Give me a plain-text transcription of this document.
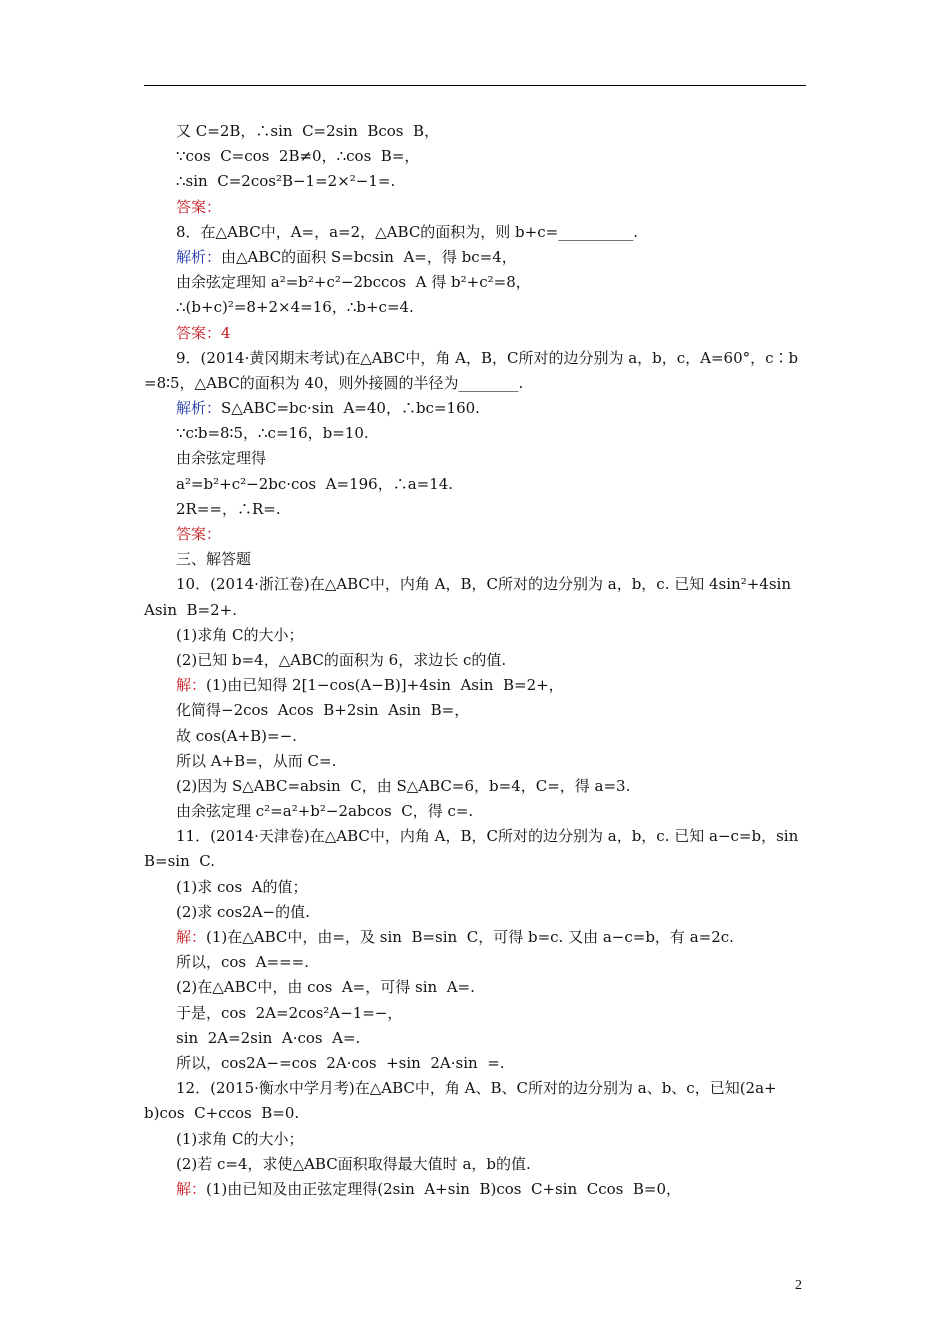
又 C=2B，∴sin  C=2sin  Bcos  B，
∵cos  C=cos  2B≠0，∴cos  B=，
∴sin  C=2cos²B−1=2×²−1=.
答案：
8．在△ABC中，A=，a=2，△ABC的面积为，则 b+c=__________.
解析：由△ABC的面积 S=bcsin  A=，得 bc=4，
由余弦定理知 a²=b²+c²−2bccos  A 得 b²+c²=8，
∴(b+c)²=8+2×4=16，∴b+c=4.
答案：4
9．(2014·黄冈期末考试)在△ABC中，角 A，B，C所对的边分别为 a，b，c，A=60°，c∶b
=8∶5，△ABC的面积为 40，则外接圆的半径为________.
解析：S△ABC=bc·sin  A=40，∴bc=160.
∵c∶b=8∶5，∴c=16，b=10.
由余弦定理得
a²=b²+c²−2bc·cos  A=196，∴a=14.
2R==，∴R=.
答案：
三、解答题
10．(2014·浙江卷)在△ABC中，内角 A，B，C所对的边分别为 a，b，c. 已知 4sin²+4sin
Asin  B=2+.
(1)求角 C的大小；
(2)已知 b=4，△ABC的面积为 6，求边长 c的值.
解：(1)由已知得 2[1−cos(A−B)]+4sin  Asin  B=2+，
化简得−2cos  Acos  B+2sin  Asin  B=，
故 cos(A+B)=−.
所以 A+B=，从而 C=.
(2)因为 S△ABC=absin  C，由 S△ABC=6，b=4，C=，得 a=3.
由余弦定理 c²=a²+b²−2abcos  C，得 c=.
11．(2014·天津卷)在△ABC中，内角 A，B，C所对的边分别为 a，b，c. 已知 a−c=b，sin
B=sin  C.
(1)求 cos  A的值；
(2)求 cos2A−的值.
解：(1)在△ABC中，由=，及 sin  B=sin  C，可得 b=c. 又由 a−c=b，有 a=2c.
所以，cos  A===.
(2)在△ABC中，由 cos  A=，可得 sin  A=.
于是，cos  2A=2cos²A−1=−，
sin  2A=2sin  A·cos  A=.
所以，cos2A−=cos  2A·cos  +sin  2A·sin  =.
12．(2015·衡水中学月考)在△ABC中，角 A、B、C所对的边分别为 a、b、c，已知(2a+
b)cos  C+ccos  B=0.
(1)求角 C的大小；
(2)若 c=4，求使△ABC面积取得最大值时 a，b的值.
解：(1)由已知及由正弦定理得(2sin  A+sin  B)cos  C+sin  Ccos  B=0，
2
